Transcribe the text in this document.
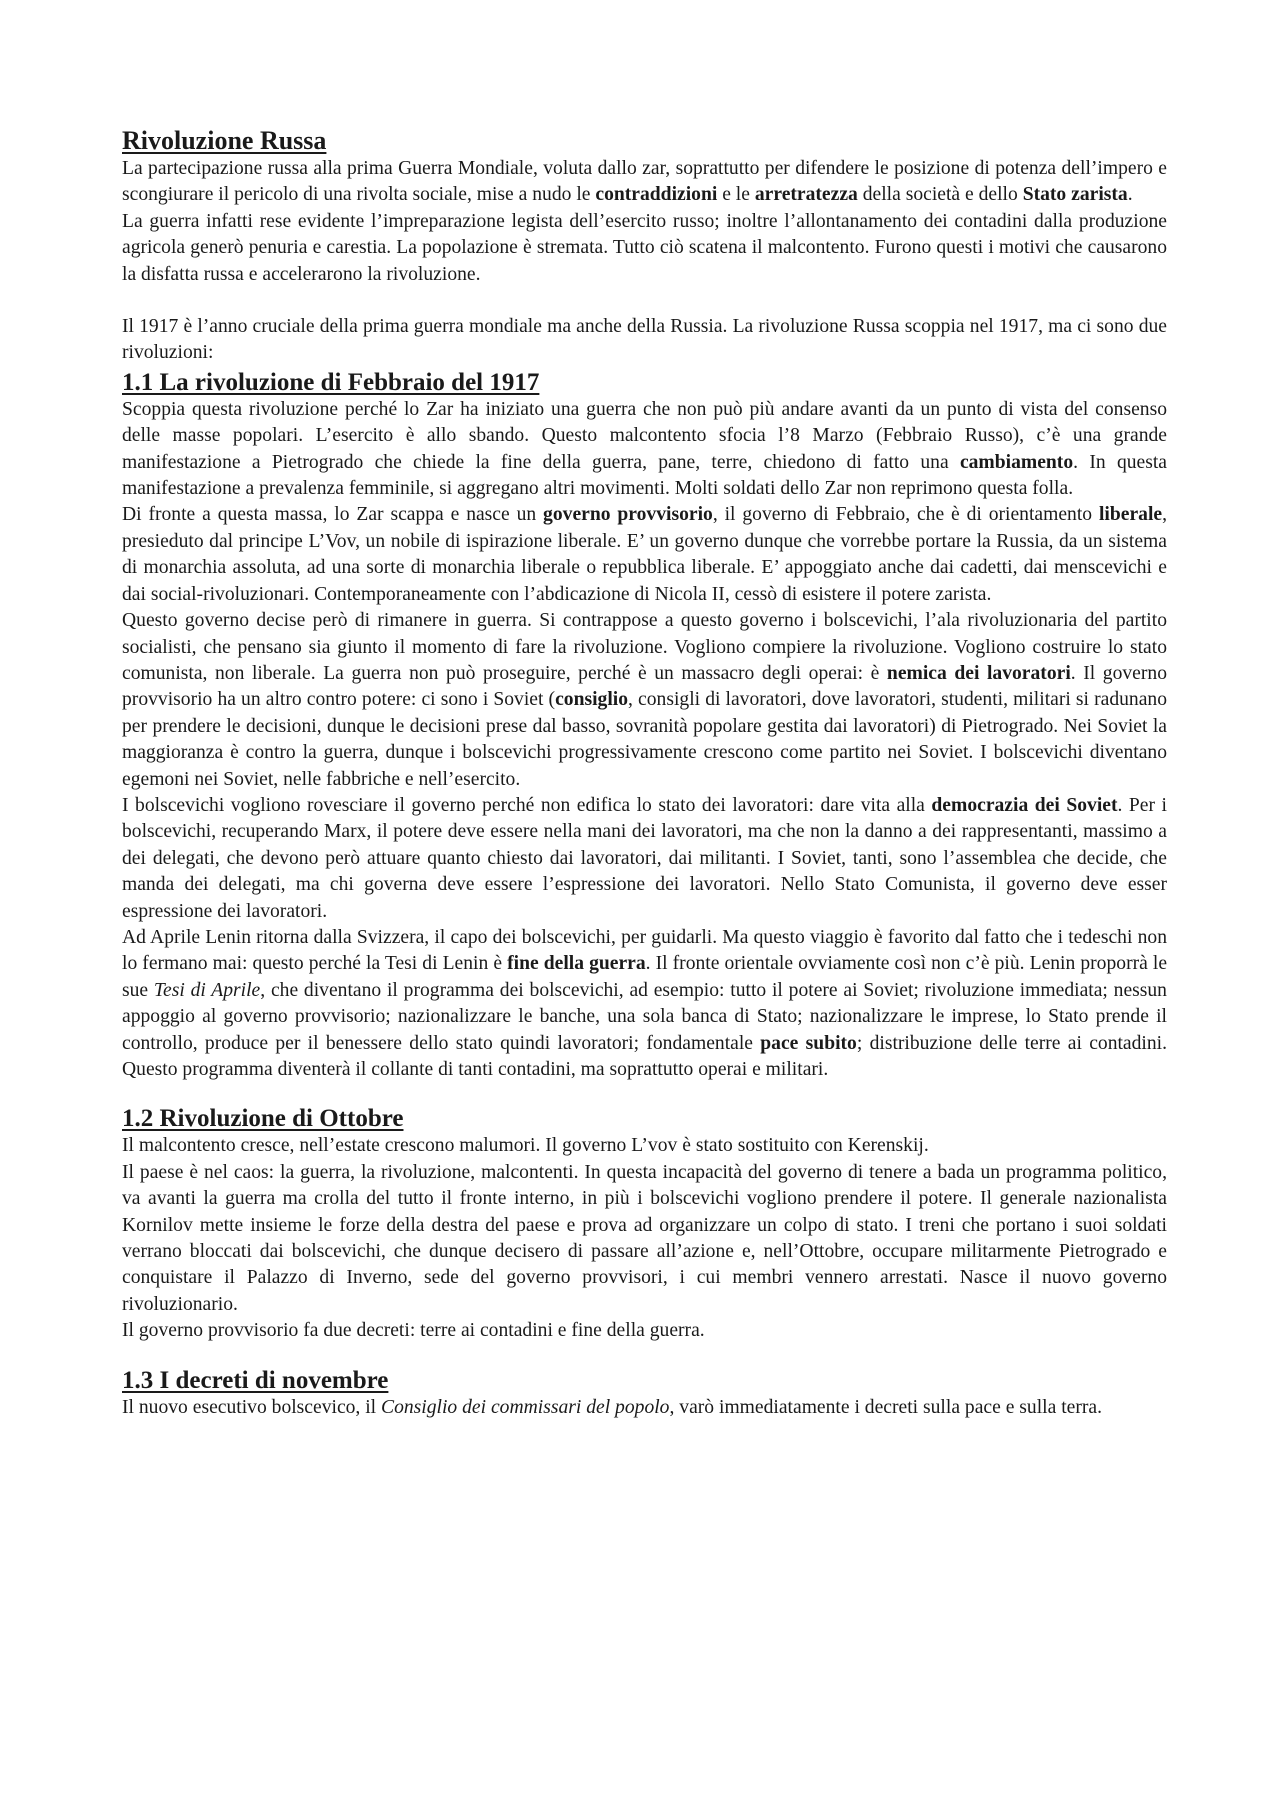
Rivoluzione Russa

La partecipazione russa alla prima Guerra Mondiale, voluta dallo zar, soprattutto per difendere le posizione di potenza dell’impero e scongiurare il pericolo di una rivolta sociale, mise a nudo le contraddizioni e le arretratezza della società e dello Stato zarista.

La guerra infatti rese evidente l’impreparazione legista dell’esercito russo; inoltre l’allontanamento dei contadini dalla produzione agricola generò penuria e carestia. La popolazione è stremata. Tutto ciò scatena il malcontento. Furono questi i motivi che causarono la disfatta russa e accelerarono la rivoluzione.

Il 1917 è l’anno cruciale della prima guerra mondiale ma anche della Russia. La rivoluzione Russa scoppia nel 1917, ma ci sono due rivoluzioni:

1.1 La rivoluzione di Febbraio del 1917

Scoppia questa rivoluzione perché lo Zar ha iniziato una guerra che non può più andare avanti da un punto di vista del consenso delle masse popolari. L’esercito è allo sbando. Questo malcontento sfocia l’8 Marzo (Febbraio Russo), c’è una grande manifestazione a Pietrogrado che chiede la fine della guerra, pane, terre, chiedono di fatto una cambiamento. In questa manifestazione a prevalenza femminile, si aggregano altri movimenti. Molti soldati dello Zar non reprimono questa folla.

Di fronte a questa massa, lo Zar scappa e nasce un governo provvisorio, il governo di Febbraio, che è di orientamento liberale, presieduto dal principe L’Vov, un nobile di ispirazione liberale. E’ un governo dunque che vorrebbe portare la Russia, da un sistema di monarchia assoluta, ad una sorte di monarchia liberale o repubblica liberale. E’ appoggiato anche dai cadetti, dai menscevichi e dai social-rivoluzionari. Contemporaneamente con l’abdicazione di Nicola II, cessò di esistere il potere zarista.

Questo governo decise però di rimanere in guerra. Si contrappose a questo governo i bolscevichi, l’ala rivoluzionaria del partito socialisti, che pensano sia giunto il momento di fare la rivoluzione. Vogliono compiere la rivoluzione. Vogliono costruire lo stato comunista, non liberale. La guerra non può proseguire, perché è un massacro degli operai: è nemica dei lavoratori. Il governo provvisorio ha un altro contro potere: ci sono i Soviet (consiglio, consigli di lavoratori, dove lavoratori, studenti, militari si radunano per prendere le decisioni, dunque le decisioni prese dal basso, sovranità popolare gestita dai lavoratori) di Pietrogrado. Nei Soviet la maggioranza è contro la guerra, dunque i bolscevichi progressivamente crescono come partito nei Soviet. I bolscevichi diventano egemoni nei Soviet, nelle fabbriche e nell’esercito.

I bolscevichi vogliono rovesciare il governo perché non edifica lo stato dei lavoratori: dare vita alla democrazia dei Soviet. Per i bolscevichi, recuperando Marx, il potere deve essere nella mani dei lavoratori, ma che non la danno a dei rappresentanti, massimo a dei delegati, che devono però attuare quanto chiesto dai lavoratori, dai militanti. I Soviet, tanti, sono l’assemblea che decide, che manda dei delegati, ma chi governa deve essere l’espressione dei lavoratori. Nello Stato Comunista, il governo deve esser espressione dei lavoratori.

Ad Aprile Lenin ritorna dalla Svizzera, il capo dei bolscevichi, per guidarli. Ma questo viaggio è favorito dal fatto che i tedeschi non lo fermano mai: questo perché la Tesi di Lenin è fine della guerra. Il fronte orientale ovviamente così non c’è più. Lenin proporrà le sue Tesi di Aprile, che diventano il programma dei bolscevichi, ad esempio: tutto il potere ai Soviet; rivoluzione immediata; nessun appoggio al governo provvisorio; nazionalizzare le banche, una sola banca di Stato; nazionalizzare le imprese, lo Stato prende il controllo, produce per il benessere dello stato quindi lavoratori; fondamentale pace subito; distribuzione delle terre ai contadini. Questo programma diventerà il collante di tanti contadini, ma soprattutto operai e militari.

1.2 Rivoluzione di Ottobre

Il malcontento cresce, nell’estate crescono malumori. Il governo L’vov è stato sostituito con Kerenskij.

Il paese è nel caos: la guerra, la rivoluzione, malcontenti. In questa incapacità del governo di tenere a bada un programma politico, va avanti la guerra ma crolla del tutto il fronte interno, in più i bolscevichi vogliono prendere il potere. Il generale nazionalista Kornilov mette insieme le forze della destra del paese e prova ad organizzare un colpo di stato. I treni che portano i suoi soldati verrano bloccati dai bolscevichi, che dunque decisero di passare all’azione e, nell’Ottobre, occupare militarmente Pietrogrado e conquistare il Palazzo di Inverno, sede del governo provvisori, i cui membri vennero arrestati. Nasce il nuovo governo rivoluzionario.

Il governo provvisorio fa due decreti: terre ai contadini e fine della guerra.

1.3 I decreti di novembre

Il nuovo esecutivo bolscevico, il Consiglio dei commissari del popolo, varò immediatamente i decreti sulla pace e sulla terra.
